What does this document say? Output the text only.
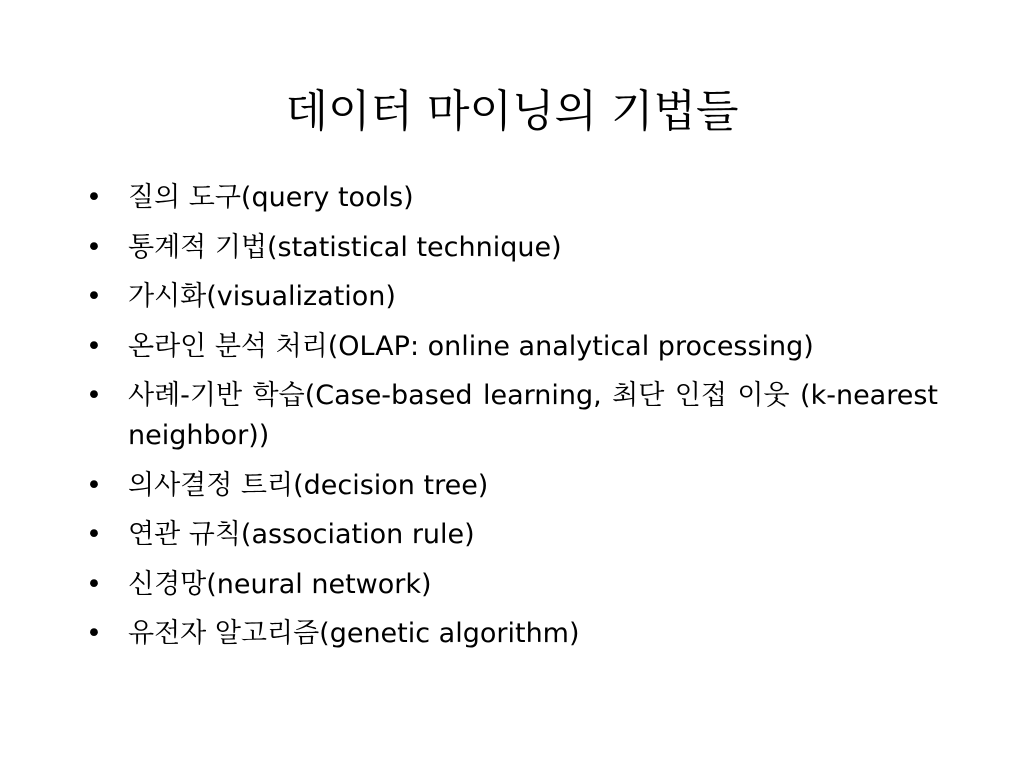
데이터 마이닝의 기법들
• 질의 도구(query tools)
• 통계적 기법(statistical technique)
• 가시화(visualization)
• 온라인 분석 처리(OLAP: online analytical processing)
• 사례-기반 학습(Case-based learning, 최단 인접 이웃 (k-nearest neighbor))
• 의사결정 트리(decision tree)
• 연관 규칙(association rule)
• 신경망(neural network)
• 유전자 알고리즘(genetic algorithm)
